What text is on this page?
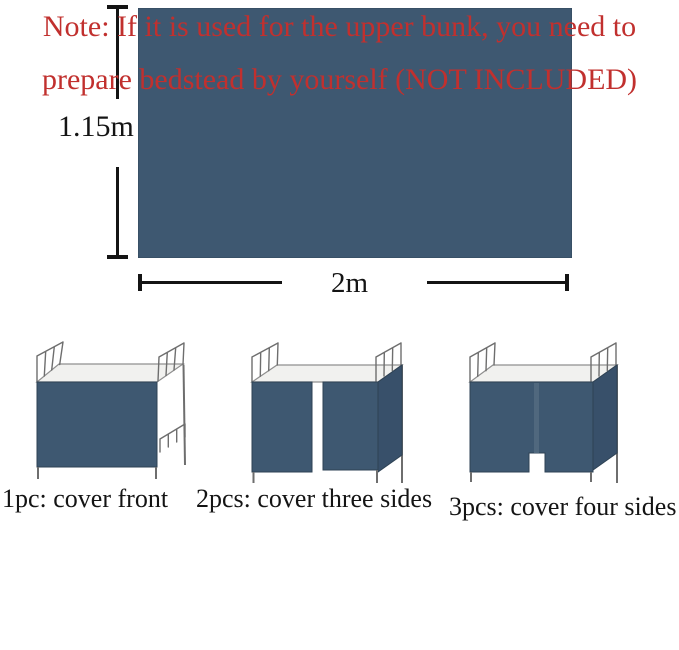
1.15m
2m
1pc: cover front 2pcs: cover three sides 3pcs: cover four sides
Note: If it is used for the upper bunk, you need to
prepare bedstead by yourself (NOT INCLUDED)
